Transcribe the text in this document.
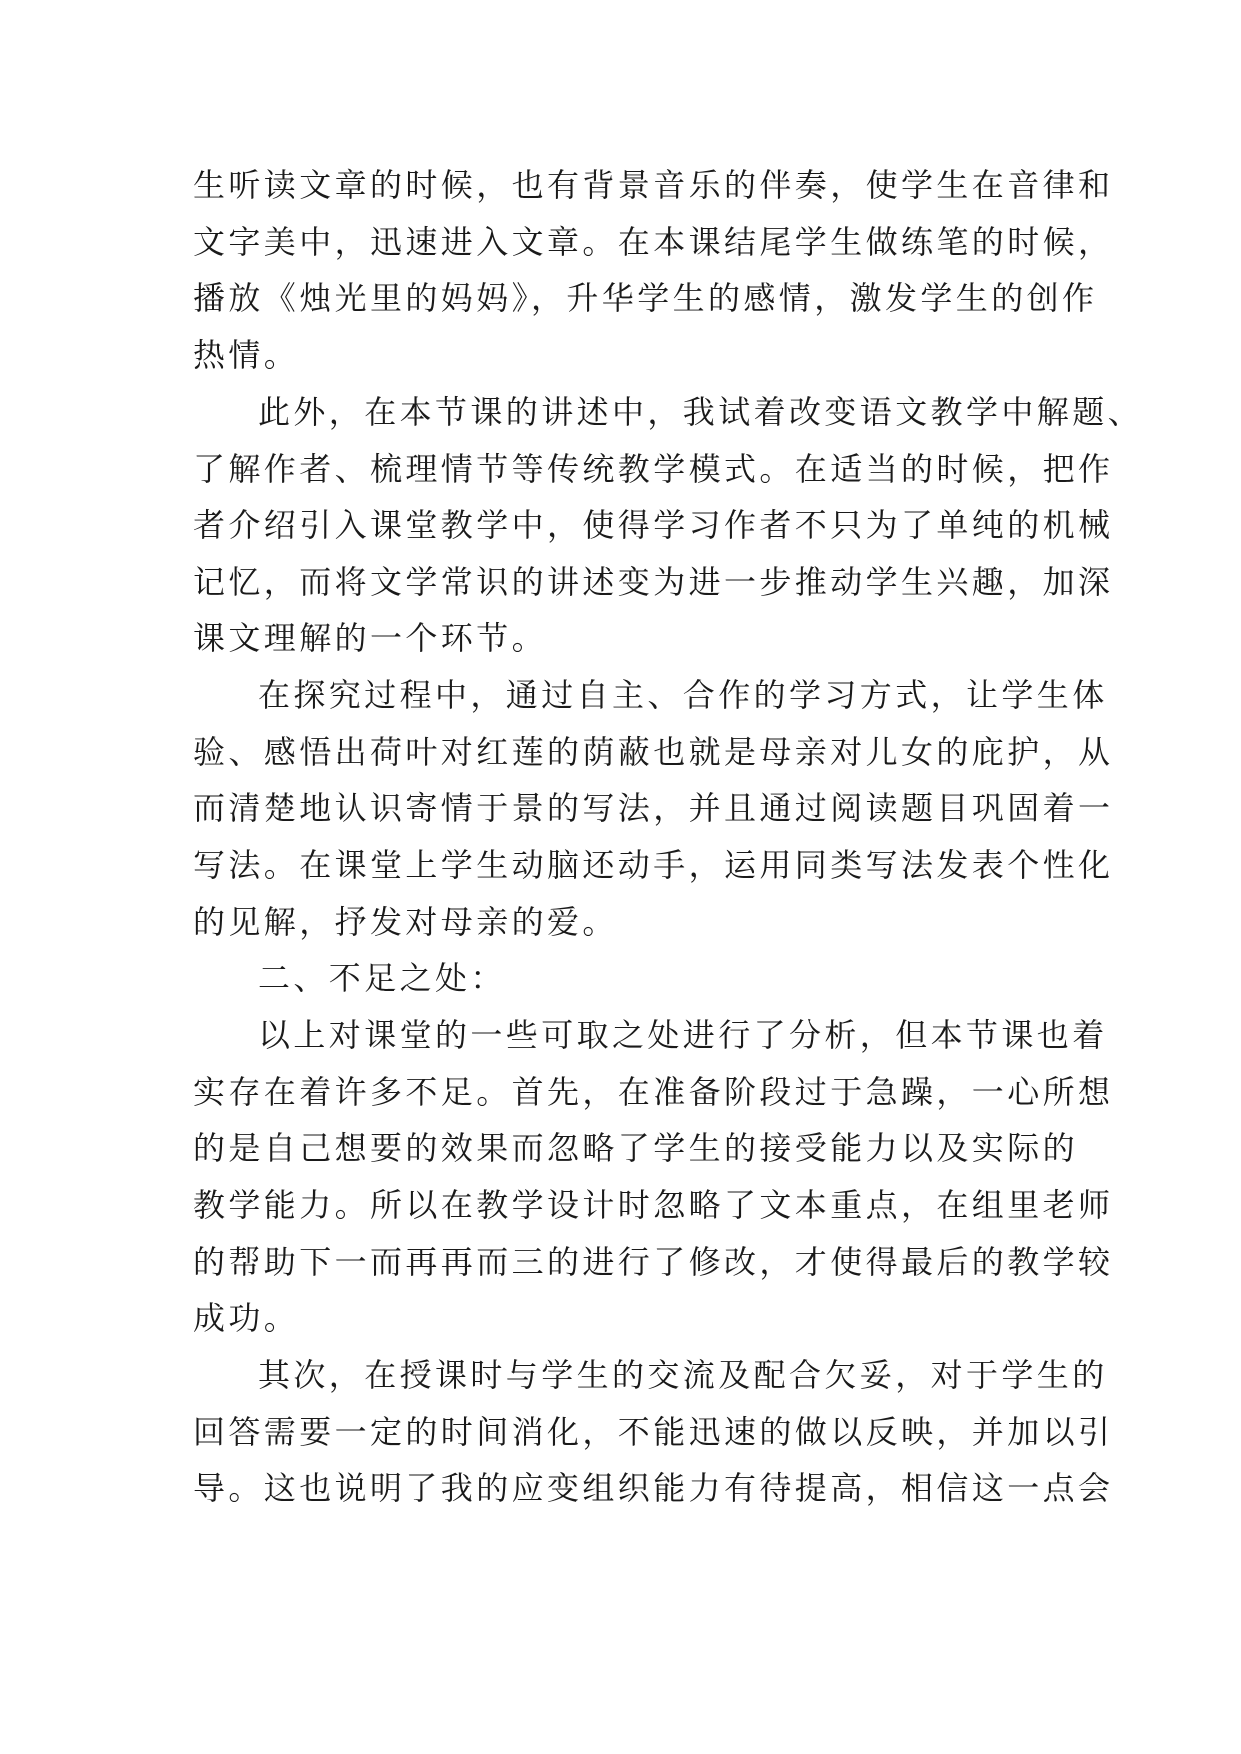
生听读文章的时候，也有背景音乐的伴奏，使学生在音律和
文字美中，迅速进入文章。在本课结尾学生做练笔的时候，
播放《烛光里的妈妈》，升华学生的感情，激发学生的创作
热情。
此外，在本节课的讲述中，我试着改变语文教学中解题、
了解作者、梳理情节等传统教学模式。在适当的时候，把作
者介绍引入课堂教学中，使得学习作者不只为了单纯的机械
记忆，而将文学常识的讲述变为进一步推动学生兴趣，加深
课文理解的一个环节。
在探究过程中，通过自主、合作的学习方式，让学生体
验、感悟出荷叶对红莲的荫蔽也就是母亲对儿女的庇护，从
而清楚地认识寄情于景的写法，并且通过阅读题目巩固着一
写法。在课堂上学生动脑还动手，运用同类写法发表个性化
的见解，抒发对母亲的爱。
二、不足之处：
以上对课堂的一些可取之处进行了分析，但本节课也着
实存在着许多不足。首先，在准备阶段过于急躁，一心所想
的是自己想要的效果而忽略了学生的接受能力以及实际的
教学能力。所以在教学设计时忽略了文本重点，在组里老师
的帮助下一而再再而三的进行了修改，才使得最后的教学较
成功。
其次，在授课时与学生的交流及配合欠妥，对于学生的
回答需要一定的时间消化，不能迅速的做以反映，并加以引
导。这也说明了我的应变组织能力有待提高，相信这一点会
